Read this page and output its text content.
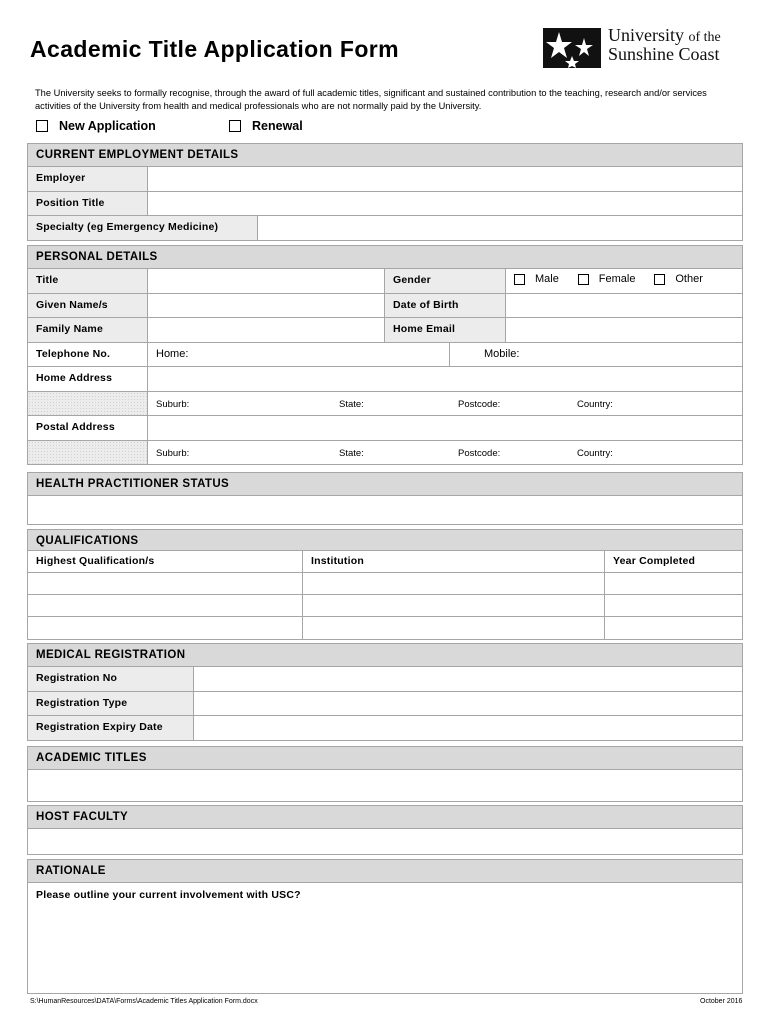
Academic Title Application Form
University of the
Sunshine Coast
The University seeks to formally recognise, through the award of full academic titles, significant and sustained contribution to the teaching, research and/or services activities of the University from health and medical professionals who are not normally paid by the University.
New Application	Renewal
CURRENT EMPLOYMENT DETAILS
Employer
Position Title
Specialty (eg Emergency Medicine)
PERSONAL DETAILS
Title	Gender	Male
	Female
	Other
Given Name/s	Date of Birth
Family Name	Home Email
Telephone No.	Home:	Mobile:
Home Address
Suburb:	State:	Postcode:	Country:
Postal Address
Suburb:	State:	Postcode:	Country:
HEALTH PRACTITIONER STATUS
QUALIFICATIONS
Highest Qualification/s	Institution	Year Completed
MEDICAL REGISTRATION
Registration No
Registration Type
Registration Expiry Date
ACADEMIC TITLES
HOST FACULTY
RATIONALE
Please outline your current involvement with USC?
S:\HumanResources\DATA\Forms\Academic Titles Application Form.docx	October 2016
